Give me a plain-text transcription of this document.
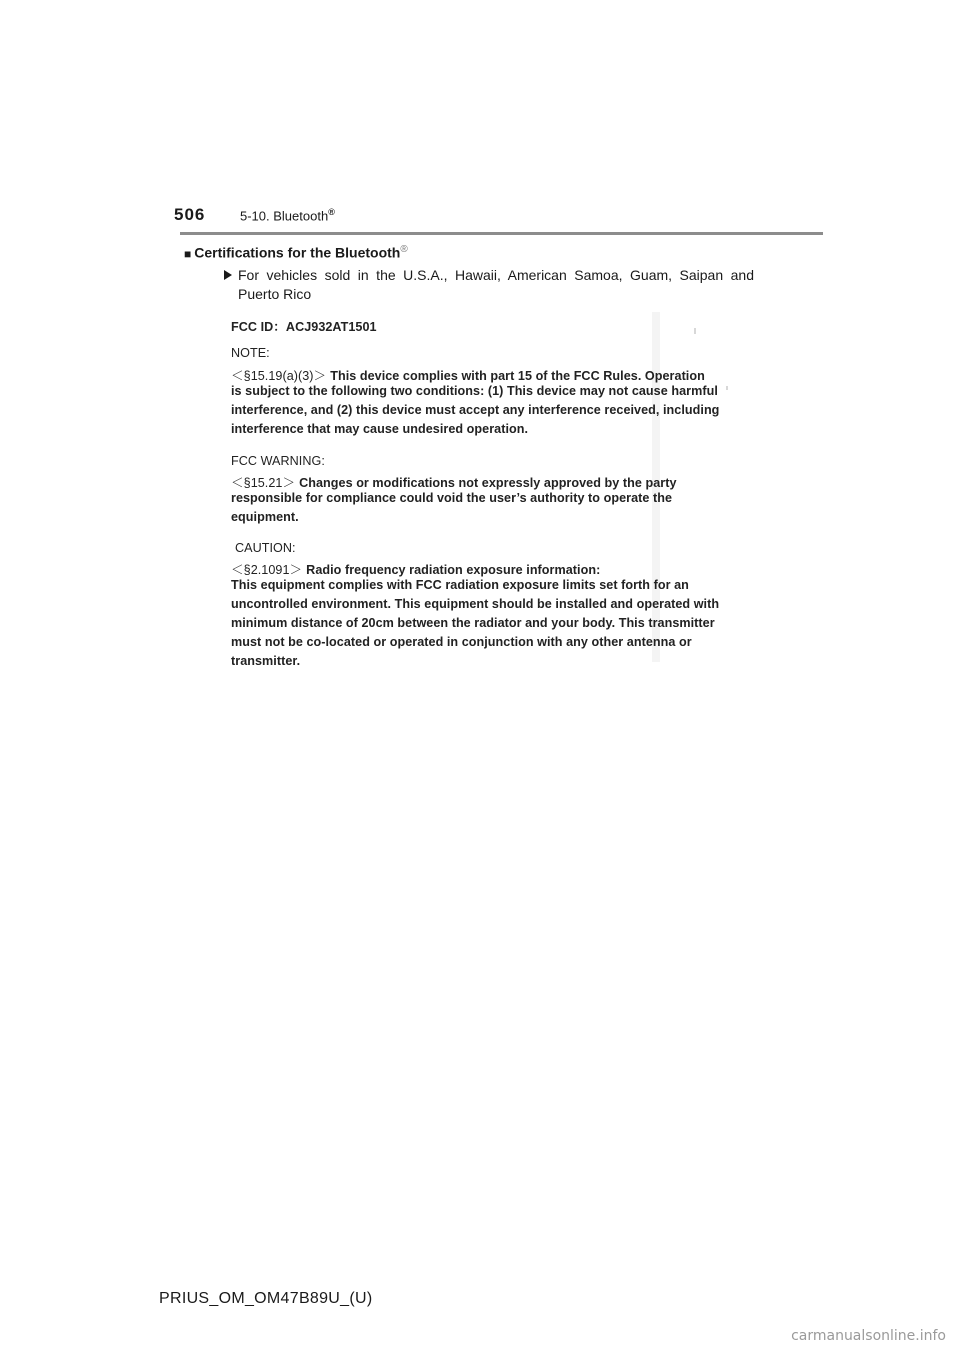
506	5-10. Bluetooth®
■ Certifications for the Bluetooth®
For vehicles sold in the U.S.A., Hawaii, American Samoa, Guam, Saipan and Puerto Rico
FCC ID：ACJ932AT1501
NOTE:
＜§15.19(a)(3)＞ This device complies with part 15 of the FCC Rules. Operation
is subject to the following two conditions: (1) This device may not cause harmful
interference, and (2) this device must accept any interference received, including
interference that may cause undesired operation.
FCC WARNING:
＜§15.21＞ Changes or modifications not expressly approved by the party
responsible for compliance could void the user’s authority to operate the
equipment.
CAUTION:
＜§2.1091＞ Radio frequency radiation exposure information:
This equipment complies with FCC radiation exposure limits set forth for an
uncontrolled environment. This equipment should be installed and operated with
minimum distance of 20cm between the radiator and your body. This transmitter
must not be co-located or operated in conjunction with any other antenna or
transmitter.
PRIUS_OM_OM47B89U_(U)
carmanualsonline.info
